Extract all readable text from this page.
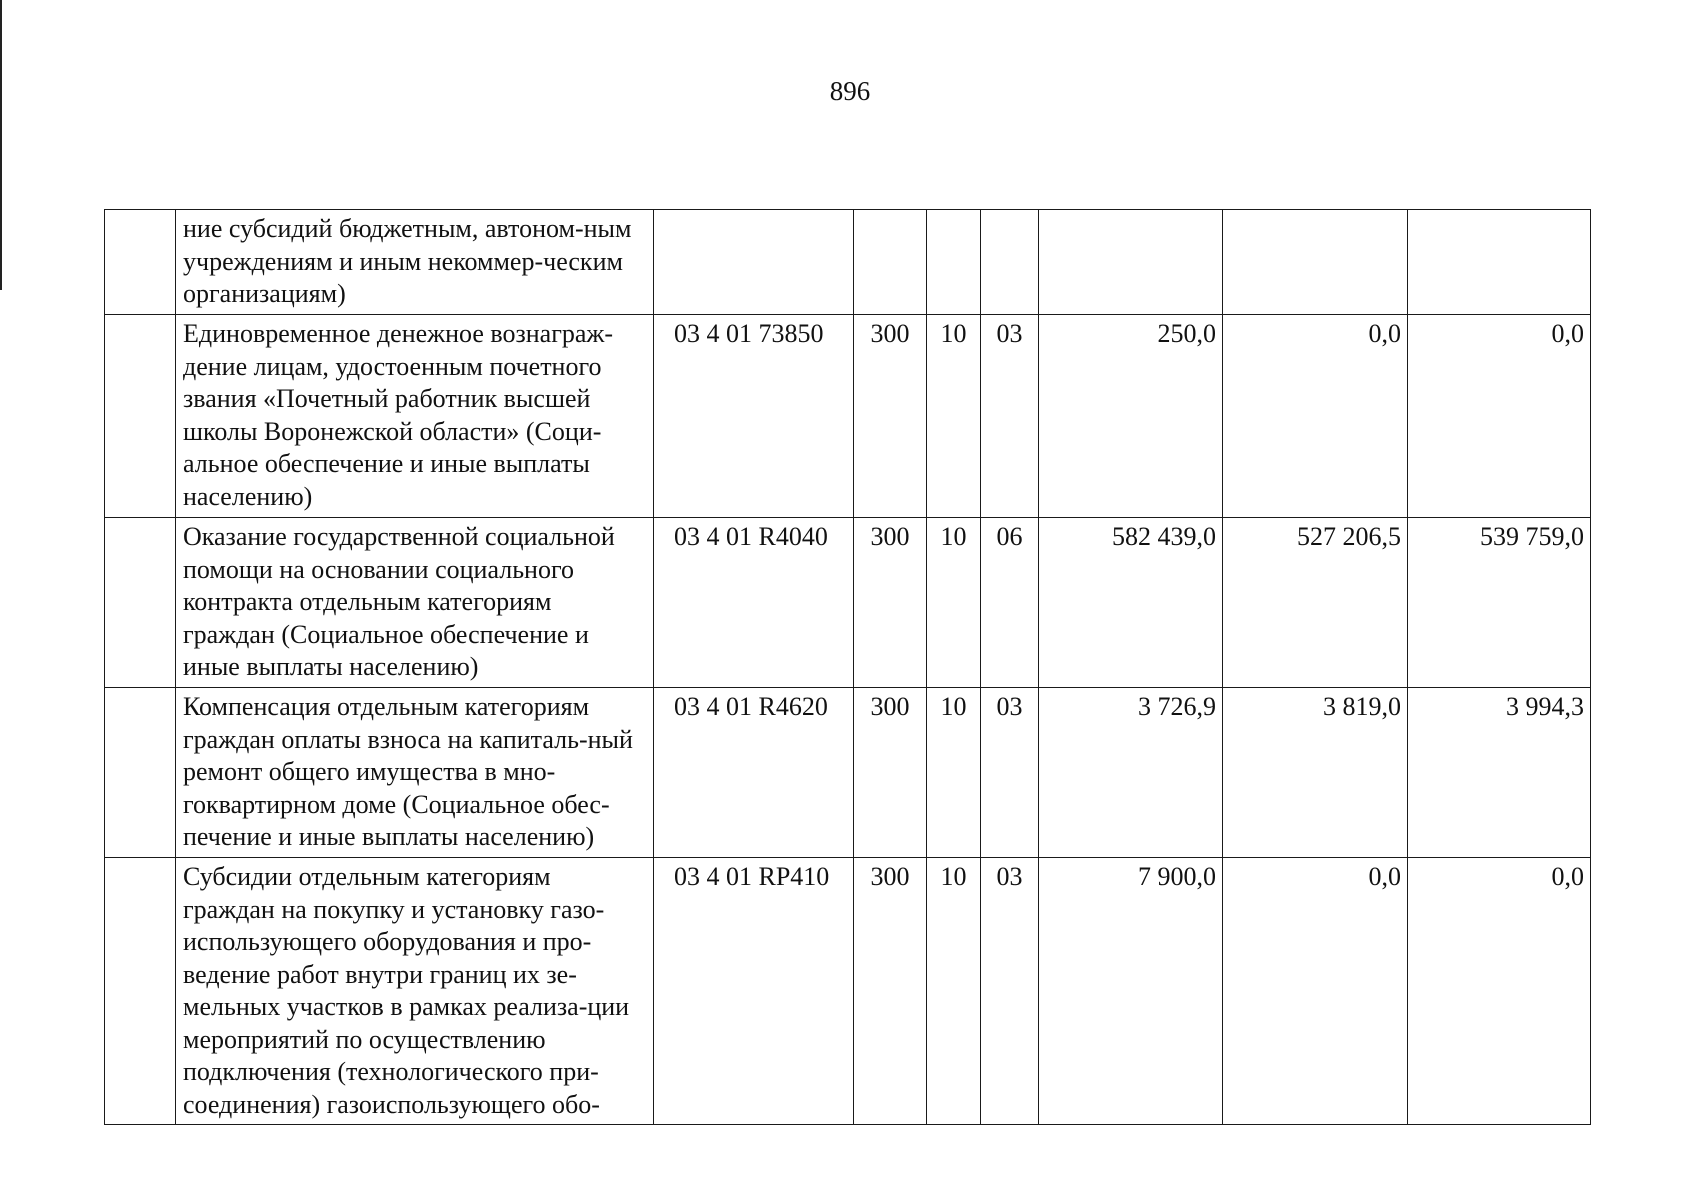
896
	ние субсидий бюджетным, автоном-ным учреждениям и иным некоммер-ческим организациям)							
	Единовременное денежное вознаграж-дение лицам, удостоенным почетного звания «Почетный работник высшей школы Воронежской области» (Соци-альное обеспечение и иные выплаты населению)	03 4 01 73850	300	10	03	250,0	0,0	0,0
	Оказание государственной социальной помощи на основании социального контракта отдельным категориям граждан (Социальное обеспечение и иные выплаты населению)	03 4 01 R4040	300	10	06	582 439,0	527 206,5	539 759,0
	Компенсация отдельным категориям граждан оплаты взноса на капиталь-ный ремонт общего имущества в мно-гоквартирном доме (Социальное обес-печение и иные выплаты населению)	03 4 01 R4620	300	10	03	3 726,9	3 819,0	3 994,3
	Субсидии отдельным категориям граждан на покупку и установку газо-использующего оборудования и про-ведение работ внутри границ их зе-мельных участков в рамках реализа-ции мероприятий по осуществлению подключения (технологического при-соединения) газоиспользующего обо-	03 4 01 RP410	300	10	03	7 900,0	0,0	0,0
